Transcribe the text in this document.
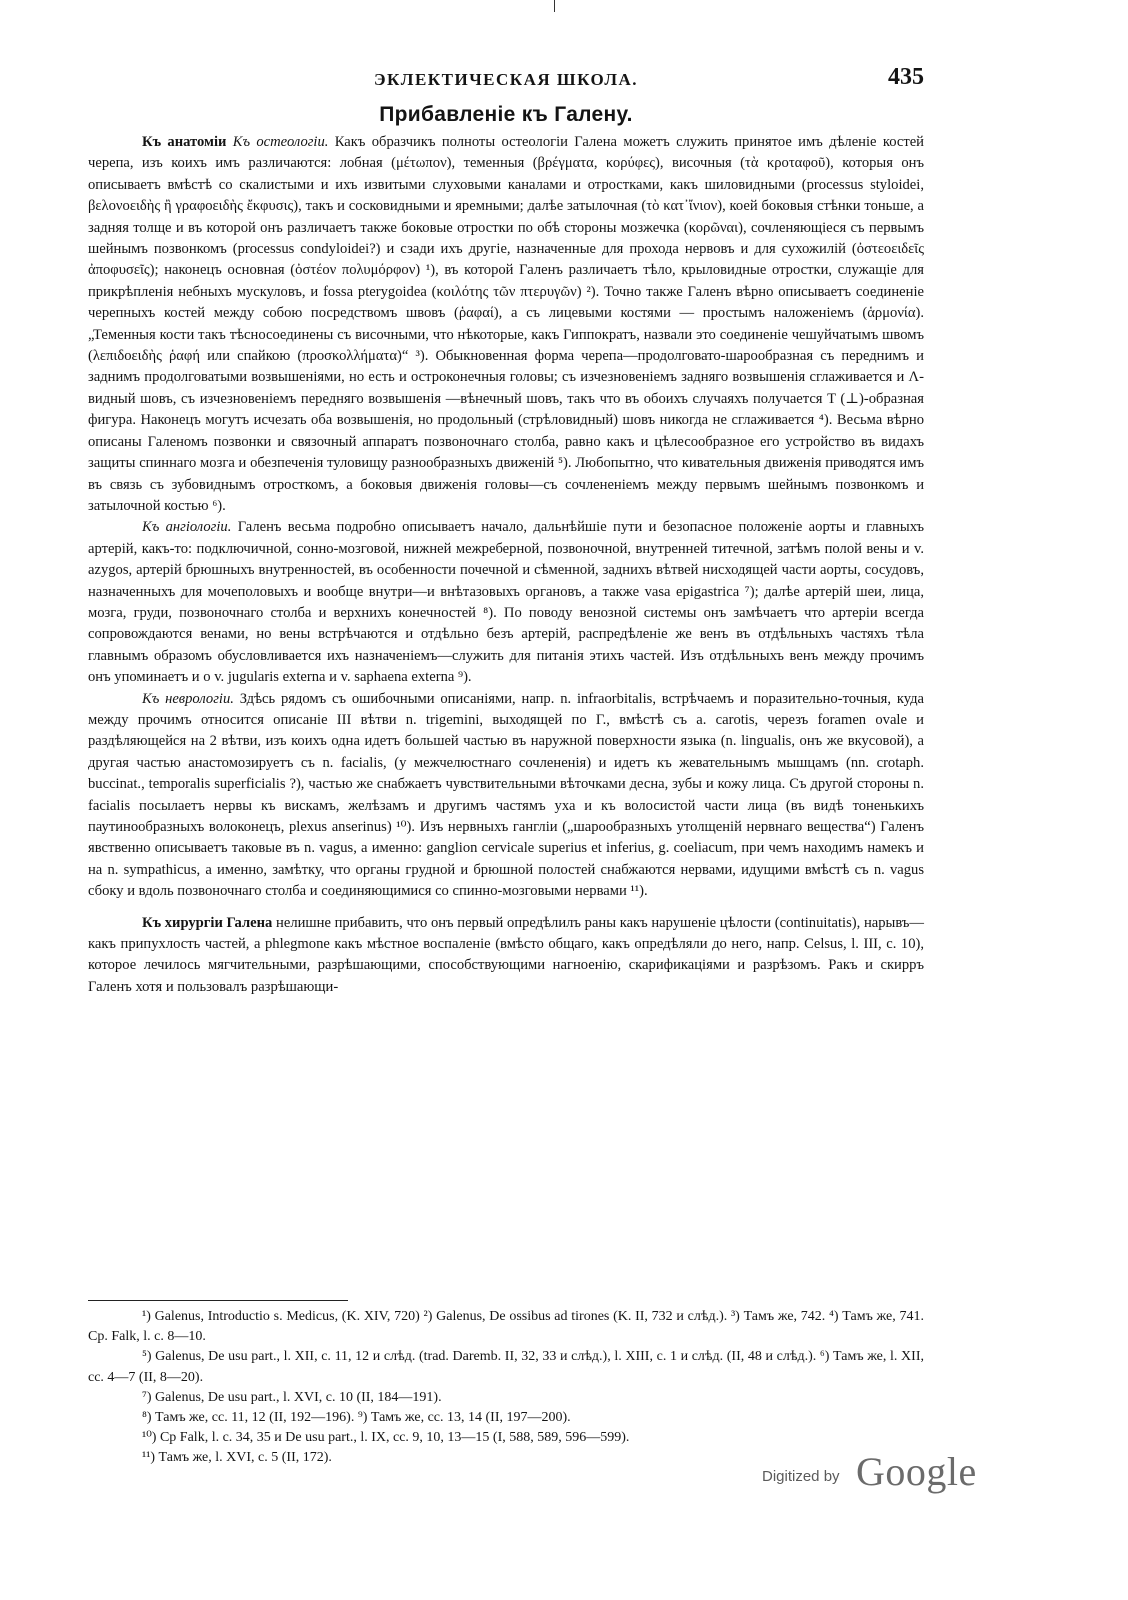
ЭКЛЕКТИЧЕСКАЯ ШКОЛА.	435
Прибавленіе къ Галену.

Къ анатоміи Къ остеологіи. Какъ образчикъ полноты остеологіи Галена можетъ служить принятое имъ дѣленіе костей черепа, изъ коихъ имъ различаются: лобная (μέτωπον), теменныя (βρέγματα, κορύφες), височныя (τὰ κροταφοῦ), которыя онъ описываетъ вмѣстѣ со скалистыми и ихъ извитыми слуховыми каналами и отростками, какъ шиловидными (processus styloidei, βελονοειδὴς ἢ γραφοειδὴς ἔκφυσις), такъ и сосковидными и яремными; далѣе затылочная (τὸ κατ᾽ἴνιον), коей боковыя стѣнки тоньше, а задняя толще и въ которой онъ различаетъ также боковые отростки по обѣ стороны мозжечка (κορῶναι), сочленяющіеся съ первымъ шейнымъ позвонкомъ (processus condyloidei?) и сзади ихъ другіе, назначенные для прохода нервовъ и для сухожилій (ὀστεοειδεῖς ἀποφυσεῖς); наконецъ основная (ὀστέον πολυμόρφον) ¹), въ которой Галенъ различаетъ тѣло, крыловидные отростки, служащіе для прикрѣпленія небныхъ мускуловъ, и fossa pterygoidea (κοιλότης τῶν πτερυγῶν) ²). Точно также Галенъ вѣрно описываетъ соединеніе черепныхъ костей между собою посредствомъ швовъ (ῥαφαί), а съ лицевыми костями — простымъ наложеніемъ (ἁρμονία). „Теменныя кости такъ тѣсносоединены съ височными, что нѣкоторые, какъ Гиппократъ, назвали это соединеніе чешуйчатымъ швомъ (λεπιδοειδὴς ῥαφή или спайкою (προσκολλήματα)“ ³). Обыкновенная форма черепа—продолговато-шарообразная съ переднимъ и заднимъ продолговатыми возвышеніями, но есть и остроконечныя головы; съ изчезновеніемъ задняго возвышенія сглаживается и Λ-видный шовъ, съ изчезновеніемъ передняго возвышенія —вѣнечный шовъ, такъ что въ обоихъ случаяхъ получается T (⊥)-образная фигура. Наконецъ могутъ исчезать оба возвышенія, но продольный (стрѣловидный) шовъ никогда не сглаживается ⁴). Весьма вѣрно описаны Галеномъ позвонки и связочный аппаратъ позвоночнаго столба, равно какъ и цѣлесообразное его устройство въ видахъ защиты спиннаго мозга и обезпеченія туловищу разнообразныхъ движеній ⁵). Любопытно, что кивательныя движенія приводятся имъ въ связь съ зубовиднымъ отросткомъ, а боковыя движенія головы—съ сочлененіемъ между первымъ шейнымъ позвонкомъ и затылочной костью ⁶).

Къ ангіологіи. Галенъ весьма подробно описываетъ начало, дальнѣйшіе пути и безопасное положеніе аорты и главныхъ артерій, какъ-то: подключичной, сонно-мозговой, нижней межреберной, позвоночной, внутренней титечной, затѣмъ полой вены и v. azygos, артерій брюшныхъ внутренностей, въ особенности почечной и сѣменной, заднихъ вѣтвей нисходящей части аорты, сосудовъ, назначенныхъ для мочеполовыхъ и вообще внутри—и внѣтазовыхъ органовъ, а также vasa epigastrica ⁷); далѣе артерій шеи, лица, мозга, груди, позвоночнаго столба и верхнихъ конечностей ⁸). По поводу венозной системы онъ замѣчаетъ что артеріи всегда сопровождаются венами, но вены встрѣчаются и отдѣльно безъ артерій, распредѣленіе же венъ въ отдѣльныхъ частяхъ тѣла главнымъ образомъ обусловливается ихъ назначеніемъ—служить для питанія этихъ частей. Изъ отдѣльныхъ венъ между прочимъ онъ упоминаетъ и о v. jugularis externa и v. saphaena externa ⁹).

Къ неврологіи. Здѣсь рядомъ съ ошибочными описаніями, напр. n. infraorbitalis, встрѣчаемъ и поразительно-точныя, куда между прочимъ относится описаніе III вѣтви n. trigemini, выходящей по Г., вмѣстѣ съ a. carotis, черезъ foramen ovale и раздѣляющейся на 2 вѣтви, изъ коихъ одна идетъ большей частью въ наружной поверхности языка (n. lingualis, онъ же вкусовой), а другая частью анастомозируетъ съ n. facialis, (у межчелюстнаго сочлененія) и идетъ къ жевательнымъ мышцамъ (nn. crotaph. buccinat., temporalis superficialis ?), частью же снабжаетъ чувствительными вѣточками десна, зубы и кожу лица. Съ другой стороны n. facialis посылаетъ нервы къ вискамъ, желѣзамъ и другимъ частямъ уха и къ волосистой части лица (въ видѣ тоненькихъ паутинообразныхъ волоконецъ, plexus anserinus) ¹⁰). Изъ нервныхъ гангліи („шарообразныхъ утолщеній нервнаго вещества“) Галенъ явственно описываетъ таковые въ n. vagus, а именно: ganglion cervicale superius et inferius, g. coeliacum, при чемъ находимъ намекъ и на n. sympathicus, а именно, замѣтку, что органы грудной и брюшной полостей снабжаются нервами, идущими вмѣстѣ съ n. vagus сбоку и вдоль позвоночнаго столба и соединяющимися со спинно-мозговыми нервами ¹¹).

Къ хирургіи Галена нелишне прибавить, что онъ первый опредѣлилъ раны какъ нарушеніе цѣлости (continuitatis), нарывъ—какъ припухлость частей, а phlegmone какъ мѣстное воспаленіе (вмѣсто общаго, какъ опредѣляли до него, напр. Celsus, l. III, c. 10), которое лечилось мягчительными, разрѣшающими, способствующими нагноенію, скарификаціями и разрѣзомъ. Ракъ и скирръ Галенъ хотя и пользовалъ разрѣшающи-

¹) Galenus, Introductio s. Medicus, (K. XIV, 720) ²) Galenus, De ossibus ad tirones (K. II, 732 и слѣд.). ³) Тамъ же, 742. ⁴) Тамъ же, 741. Ср. Falk, l. c. 8—10.

⁵) Galenus, De usu part., l. XII, c. 11, 12 и слѣд. (trad. Daremb. II, 32, 33 и слѣд.), l. XIII, c. 1 и слѣд. (II, 48 и слѣд.). ⁶) Тамъ же, l. XII, cc. 4—7 (II, 8—20).

⁷) Galenus, De usu part., l. XVI, c. 10 (II, 184—191).

⁸) Тамъ же, cc. 11, 12 (II, 192—196). ⁹) Тамъ же, cc. 13, 14 (II, 197—200).

¹⁰) Ср Falk, l. c. 34, 35 и De usu part., l. IX, cc. 9, 10, 13—15 (I, 588, 589, 596—599).

¹¹) Тамъ же, l. XVI, c. 5 (II, 172).

Digitized by Google
